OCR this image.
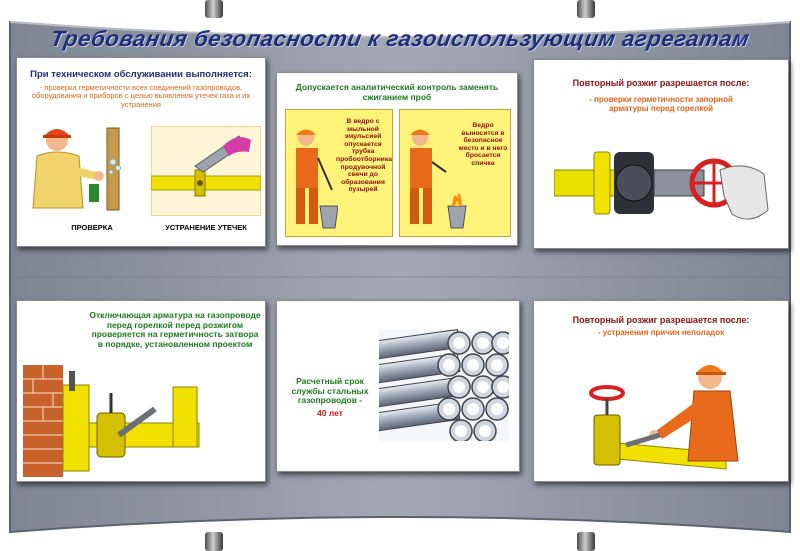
Требования безопасности к газоиспользующим агрегатам
При техническом обслуживании выполняется:
- проверка герметичности всех соединений газопроводов, оборудования и приборов с целью выявления утечек газа и их устранения
ПРОВЕРКА	УСТРАНЕНИЕ УТЕЧЕК
Допускается аналитический контроль заменять сжиганием проб
В ведро с мыльной эмульсией опускается трубка пробоотборника продувочной свечи до образования пузырей
Ведро выносится в безопасное место и в него бросается спичка
Повторный розжиг разрешается после:
- проверки герметичности запорной арматуры перед горелкой
Отключающая арматура на газопроводе перед горелкой перед розжигом проверяется на герметичность затвора в порядке, установленном проектом
Расчетный срок службы стальных газопроводов -
40 лет
Повторный розжиг разрешается после:
- устранения причин неполадок
